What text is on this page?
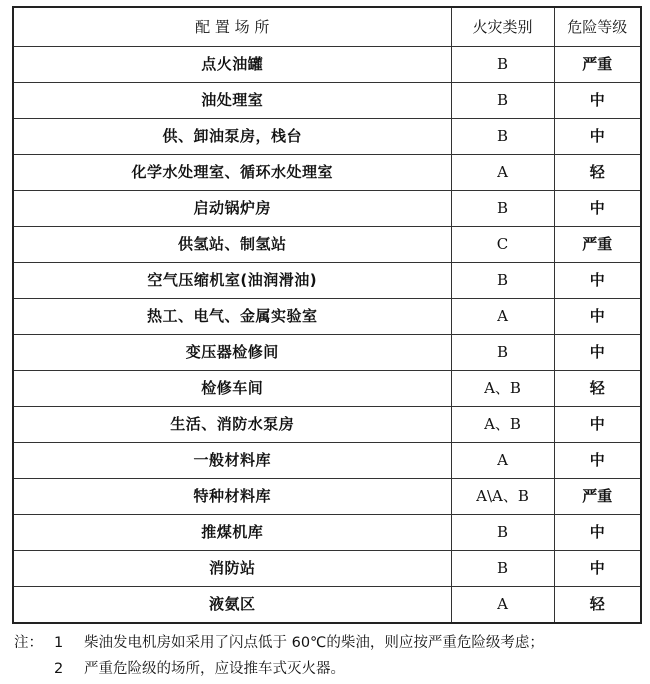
配 置 场 所	火灾类别	危险等级
点火油罐	B	严重
油处理室	B	中
供、卸油泵房，栈台	B	中
化学水处理室、循环水处理室	A	轻
启动锅炉房	B	中
供氢站、制氢站	C	严重
空气压缩机室(油润滑油)	B	中
热工、电气、金属实验室	A	中
变压器检修间	B	中
检修车间	A、B	轻
生活、消防水泵房	A、B	中
一般材料库	A	中
特种材料库	A\A、B	严重
推煤机库	B	中
消防站	B	中
液氨区	A	轻
注： 1 柴油发电机房如采用了闪点低于 60℃的柴油，则应按严重危险级考虑；
2 严重危险级的场所，应设推车式灭火器。
